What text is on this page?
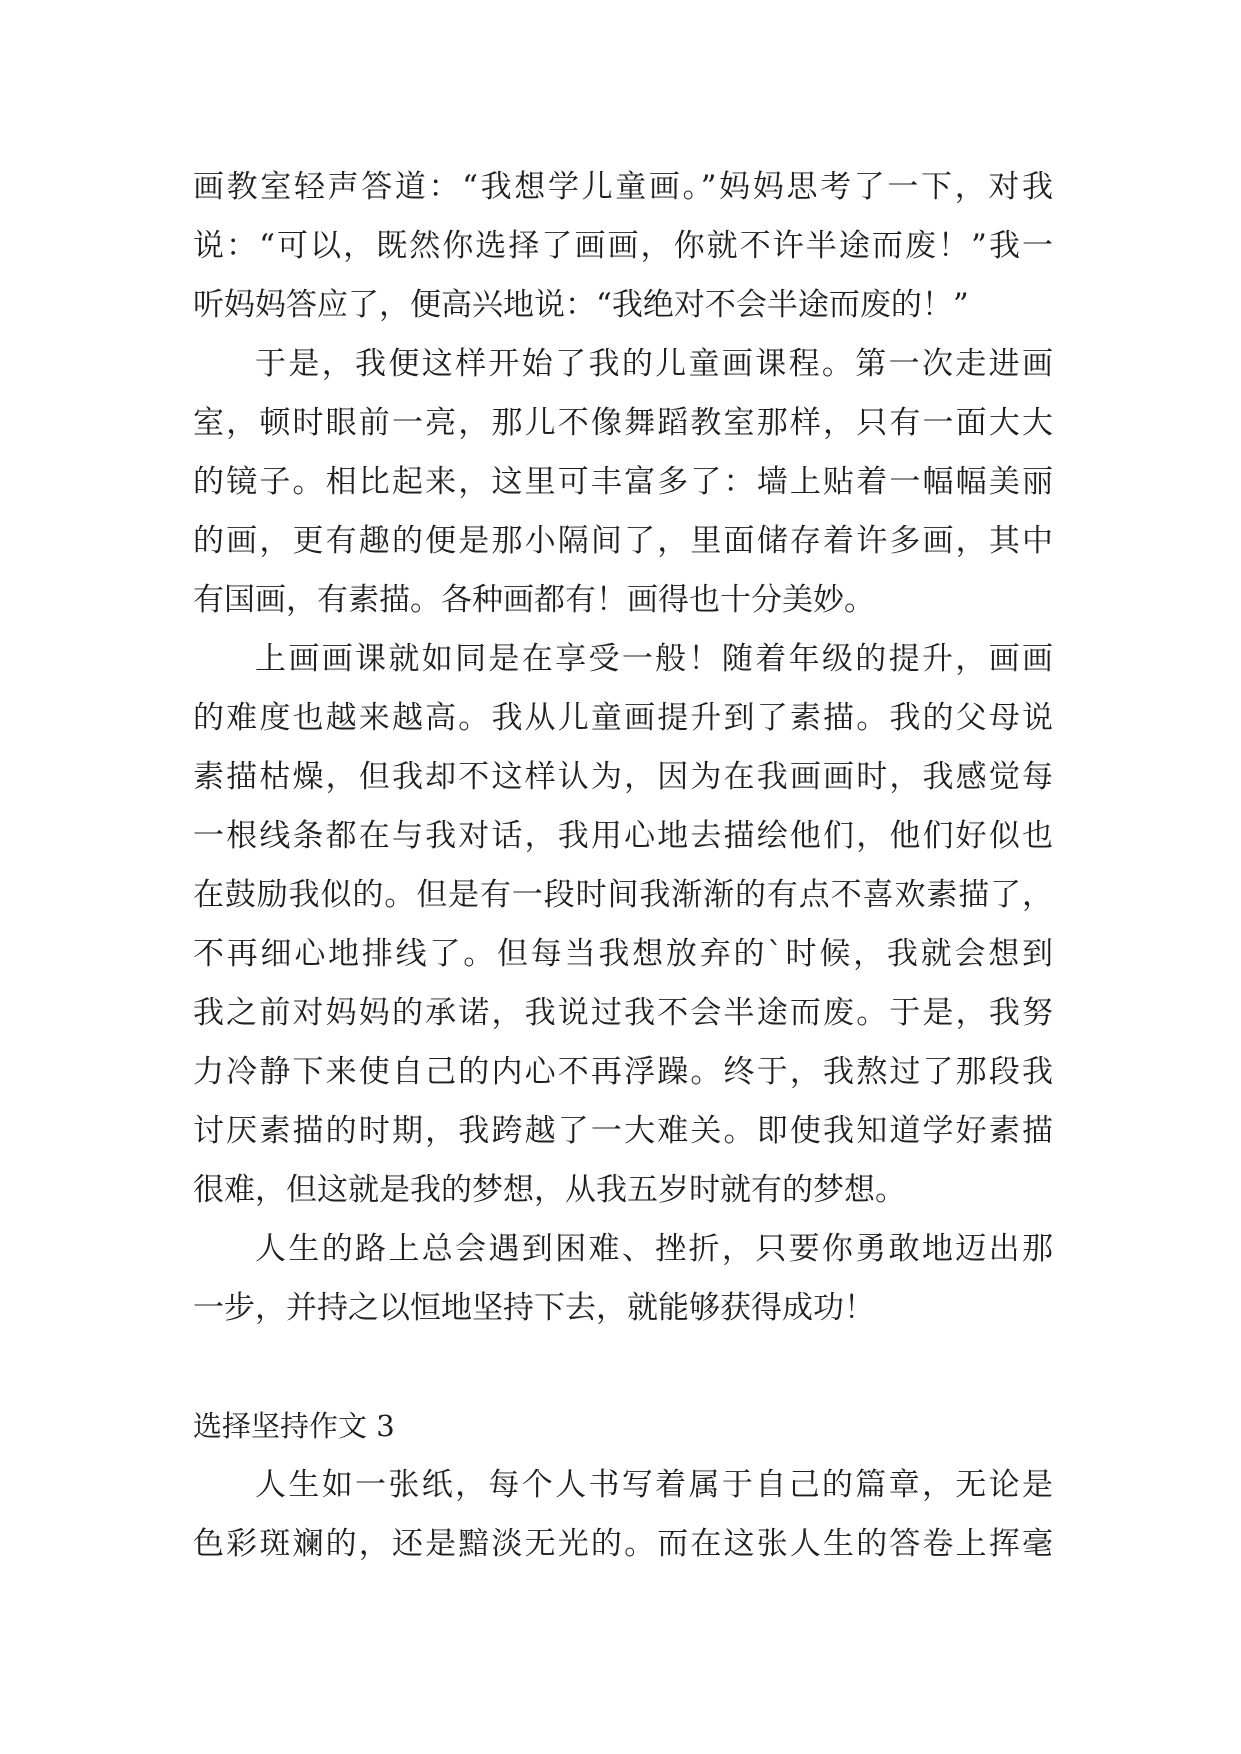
画教室轻声答道：“我想学儿童画。”妈妈思考了一下，对我
说：“可以，既然你选择了画画，你就不许半途而废！”我一
听妈妈答应了，便高兴地说：“我绝对不会半途而废的！”
于是，我便这样开始了我的儿童画课程。第一次走进画
室，顿时眼前一亮，那儿不像舞蹈教室那样，只有一面大大
的镜子。相比起来，这里可丰富多了：墙上贴着一幅幅美丽
的画，更有趣的便是那小隔间了，里面储存着许多画，其中
有国画，有素描。各种画都有！画得也十分美妙。
上画画课就如同是在享受一般！随着年级的提升，画画
的难度也越来越高。我从儿童画提升到了素描。我的父母说
素描枯燥，但我却不这样认为，因为在我画画时，我感觉每
一根线条都在与我对话，我用心地去描绘他们，他们好似也
在鼓励我似的。但是有一段时间我渐渐的有点不喜欢素描了，
不再细心地排线了。但每当我想放弃的`时候，我就会想到
我之前对妈妈的承诺，我说过我不会半途而废。于是，我努
力冷静下来使自己的内心不再浮躁。终于，我熬过了那段我
讨厌素描的时期，我跨越了一大难关。即使我知道学好素描
很难，但这就是我的梦想，从我五岁时就有的梦想。
人生的路上总会遇到困难、挫折，只要你勇敢地迈出那
一步，并持之以恒地坚持下去，就能够获得成功！
选择坚持作文 3
人生如一张纸，每个人书写着属于自己的篇章，无论是
色彩斑斓的，还是黯淡无光的。而在这张人生的答卷上挥毫
